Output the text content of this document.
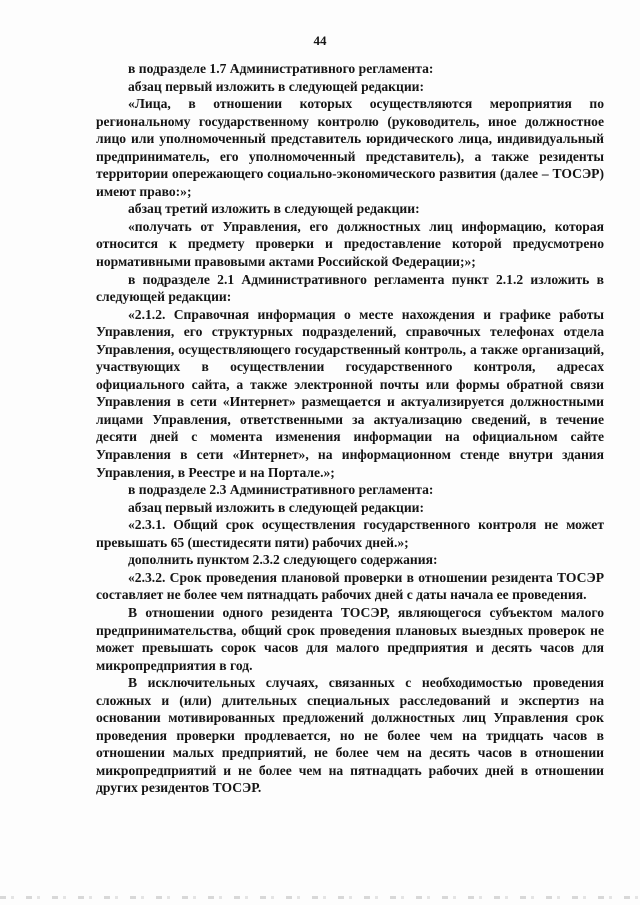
44

в подразделе 1.7 Административного регламента:

абзац первый изложить в следующей редакции:

«Лица, в отношении которых осуществляются мероприятия по региональному государственному контролю (руководитель, иное должностное лицо или уполномоченный представитель юридического лица, индивидуальный предприниматель, его уполномоченный представитель), а также резиденты территории опережающего социально-экономического развития (далее – ТОСЭР) имеют право:»;

абзац третий изложить в следующей редакции:

«получать от Управления, его должностных лиц информацию, которая относится к предмету проверки и предоставление которой предусмотрено нормативными правовыми актами Российской Федерации;»;

в подразделе 2.1 Административного регламента пункт 2.1.2 изложить в следующей редакции:

«2.1.2. Справочная информация о месте нахождения и графике работы Управления, его структурных подразделений, справочных телефонах отдела Управления, осуществляющего государственный контроль, а также организаций, участвующих в осуществлении государственного контроля, адресах официального сайта, а также электронной почты или формы обратной связи Управления в сети «Интернет» размещается и актуализируется должностными лицами Управления, ответственными за актуализацию сведений, в течение десяти дней с момента изменения информации на официальном сайте Управления в сети «Интернет», на информационном стенде внутри здания Управления, в Реестре и на Портале.»;

в подразделе 2.3 Административного регламента:

абзац первый изложить в следующей редакции:

«2.3.1. Общий срок осуществления государственного контроля не может превышать 65 (шестидесяти пяти) рабочих дней.»;

дополнить пунктом 2.3.2 следующего содержания:

«2.3.2. Срок проведения плановой проверки в отношении резидента ТОСЭР составляет не более чем пятнадцать рабочих дней с даты начала ее проведения.

В отношении одного резидента ТОСЭР, являющегося субъектом малого предпринимательства, общий срок проведения плановых выездных проверок не может превышать сорок часов для малого предприятия и десять часов для микропредприятия в год.

В исключительных случаях, связанных с необходимостью проведения сложных и (или) длительных специальных расследований и экспертиз на основании мотивированных предложений должностных лиц Управления срок проведения проверки продлевается, но не более чем на тридцать часов в отношении малых предприятий, не более чем на десять часов в отношении микропредприятий и не более чем на пятнадцать рабочих дней в отношении других резидентов ТОСЭР.
